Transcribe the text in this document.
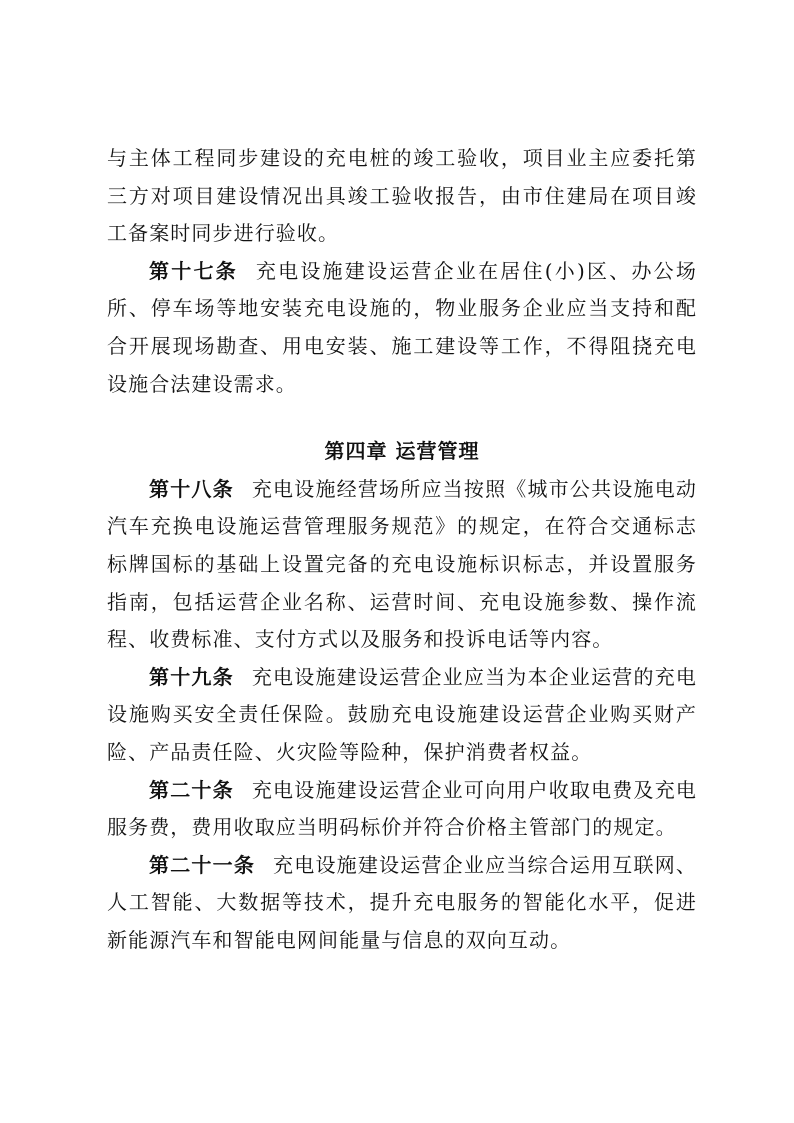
与主体工程同步建设的充电桩的竣工验收，项目业主应委托第三方对项目建设情况出具竣工验收报告，由市住建局在项目竣工备案时同步进行验收。

第十七条 充电设施建设运营企业在居住(小)区、办公场所、停车场等地安装充电设施的，物业服务企业应当支持和配合开展现场勘查、用电安装、施工建设等工作，不得阻挠充电设施合法建设需求。

第四章 运营管理

第十八条 充电设施经营场所应当按照《城市公共设施电动汽车充换电设施运营管理服务规范》的规定，在符合交通标志标牌国标的基础上设置完备的充电设施标识标志，并设置服务指南，包括运营企业名称、运营时间、充电设施参数、操作流程、收费标准、支付方式以及服务和投诉电话等内容。

第十九条 充电设施建设运营企业应当为本企业运营的充电设施购买安全责任保险。鼓励充电设施建设运营企业购买财产险、产品责任险、火灾险等险种，保护消费者权益。

第二十条 充电设施建设运营企业可向用户收取电费及充电服务费，费用收取应当明码标价并符合价格主管部门的规定。

第二十一条 充电设施建设运营企业应当综合运用互联网、人工智能、大数据等技术，提升充电服务的智能化水平，促进新能源汽车和智能电网间能量与信息的双向互动。
